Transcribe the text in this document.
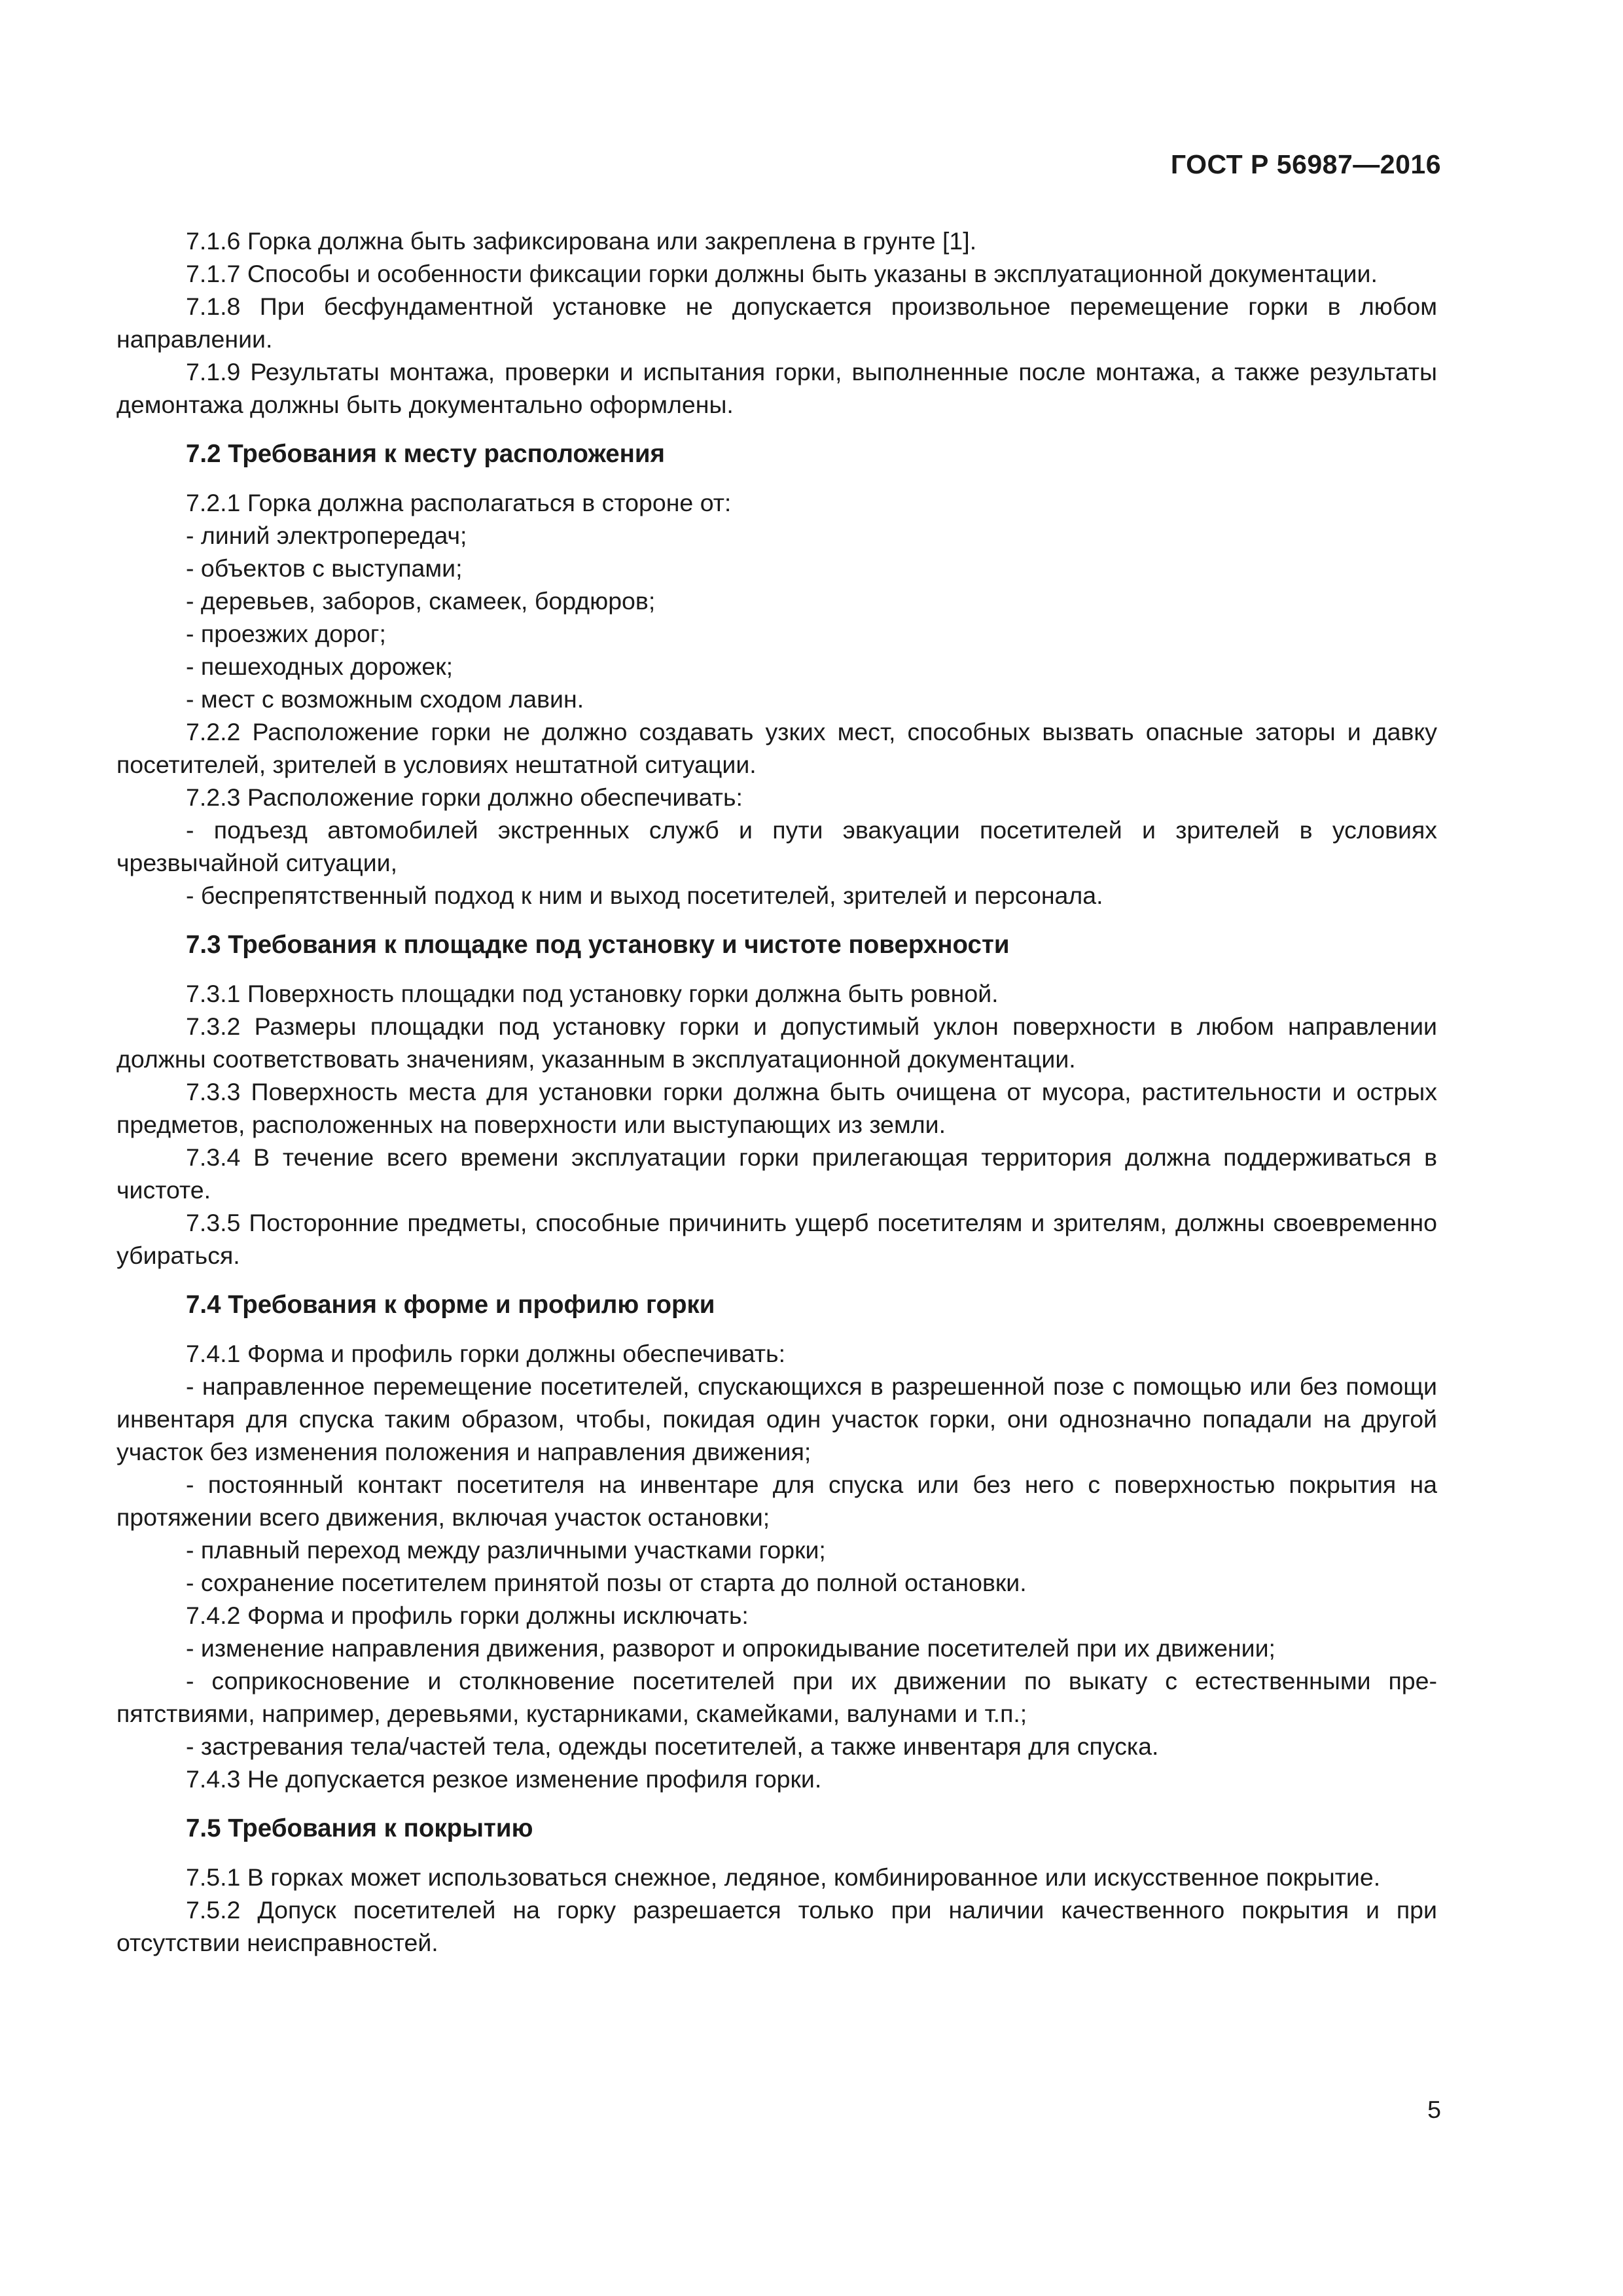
ГОСТ Р 56987—2016

7.1.6 Горка должна быть зафиксирована или закреплена в грунте [1].

7.1.7 Способы и особенности фиксации горки должны быть указаны в эксплуатационной документации.

7.1.8 При бесфундаментной установке не допускается произвольное перемещение горки в любом направлении.

7.1.9 Результаты монтажа, проверки и испытания горки, выполненные после монтажа, а также результаты демонтажа должны быть документально оформлены.

7.2 Требования к месту расположения

7.2.1 Горка должна располагаться в стороне от:

- линий электропередач;

- объектов с выступами;

- деревьев, заборов, скамеек, бордюров;

- проезжих дорог;

- пешеходных дорожек;

- мест с возможным сходом лавин.

7.2.2 Расположение горки не должно создавать узких мест, способных вызвать опасные заторы и давку посетителей, зрителей в условиях нештатной ситуации.

7.2.3 Расположение горки должно обеспечивать:

- подъезд автомобилей экстренных служб и пути эвакуации посетителей и зрителей в условиях чрезвычайной ситуации,

- беспрепятственный подход к ним и выход посетителей, зрителей и персонала.

7.3 Требования к площадке под установку и чистоте поверхности

7.3.1 Поверхность площадки под установку горки должна быть ровной.

7.3.2 Размеры площадки под установку горки и допустимый уклон поверхности в любом направлении должны соответствовать значениям, указанным в эксплуатационной документации.

7.3.3 Поверхность места для установки горки должна быть очищена от мусора, растительности и острых предметов, расположенных на поверхности или выступающих из земли.

7.3.4 В течение всего времени эксплуатации горки прилегающая территория должна поддерживаться в чистоте.

7.3.5 Посторонние предметы, способные причинить ущерб посетителям и зрителям, должны своевременно убираться.

7.4 Требования к форме и профилю горки

7.4.1 Форма и профиль горки должны обеспечивать:

- направленное перемещение посетителей, спускающихся в разрешенной позе с помощью или без помощи инвентаря для спуска таким образом, чтобы, покидая один участок горки, они однозначно попадали на другой участок без изменения положения и направления движения;

- постоянный контакт посетителя на инвентаре для спуска или без него с поверхностью покрытия на протяжении всего движения, включая участок остановки;

- плавный переход между различными участками горки;

- сохранение посетителем принятой позы от старта до полной остановки.

7.4.2 Форма и профиль горки должны исключать:

- изменение направления движения, разворот и опрокидывание посетителей при их движении;

- соприкосновение и столкновение посетителей при их движении по выкату с естественными препятствиями, например, деревьями, кустарниками, скамейками, валунами и т.п.;

- застревания тела/частей тела, одежды посетителей, а также инвентаря для спуска.

7.4.3 Не допускается резкое изменение профиля горки.

7.5 Требования к покрытию

7.5.1 В горках может использоваться снежное, ледяное, комбинированное или искусственное покрытие.

7.5.2 Допуск посетителей на горку разрешается только при наличии качественного покрытия и при отсутствии неисправностей.

5
